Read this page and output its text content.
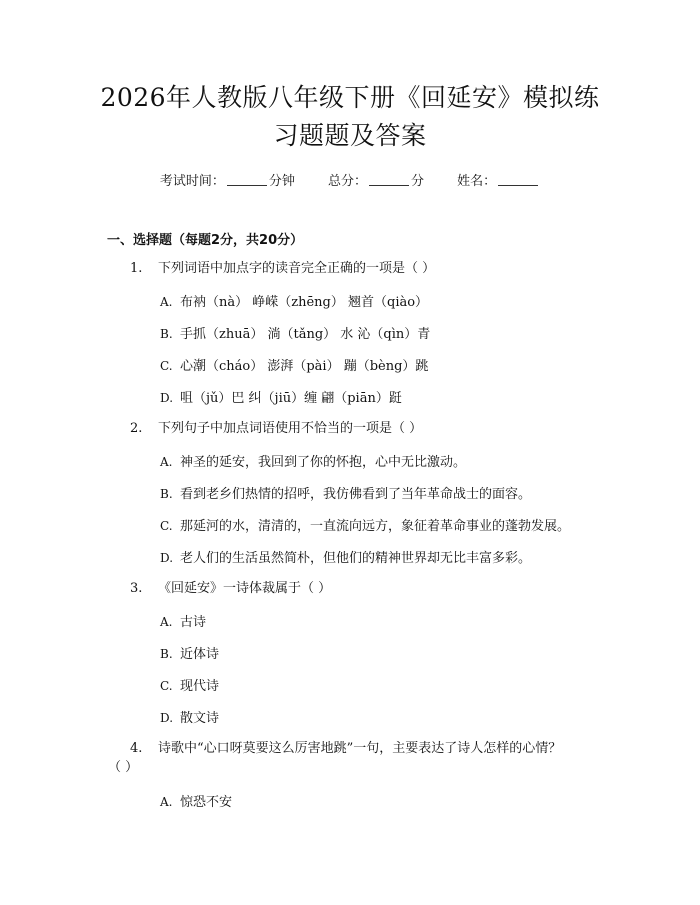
2026年人教版八年级下册《回延安》模拟练
习题题及答案
考试时间：	分钟	总分：	分	姓名：
一、选择题（每题2分，共20分）
1. 下列词语中加点字的读音完全正确的一项是（ ）
A. 布衲（nà） 峥嵘（zhēng） 翘首（qiào）
B. 手抓（zhuā） 淌（tǎng） 水 沁（qìn）青
C. 心潮（cháo） 澎湃（pài） 蹦（bèng）跳
D. 咀（jǔ）巴 纠（jiū）缠 翩（piān）跹
2. 下列句子中加点词语使用不恰当的一项是（ ）
A. 神圣的延安，我回到了你的怀抱，心中无比激动。
B. 看到老乡们热情的招呼，我仿佛看到了当年革命战士的面容。
C. 那延河的水，清清的，一直流向远方，象征着革命事业的蓬勃发展。
D. 老人们的生活虽然简朴，但他们的精神世界却无比丰富多彩。
3. 《回延安》一诗体裁属于（ ）
A. 古诗
B. 近体诗
C. 现代诗
D. 散文诗
4. 诗歌中“心口呀莫要这么厉害地跳”一句，主要表达了诗人怎样的心情？
（ ）
A. 惊恐不安
